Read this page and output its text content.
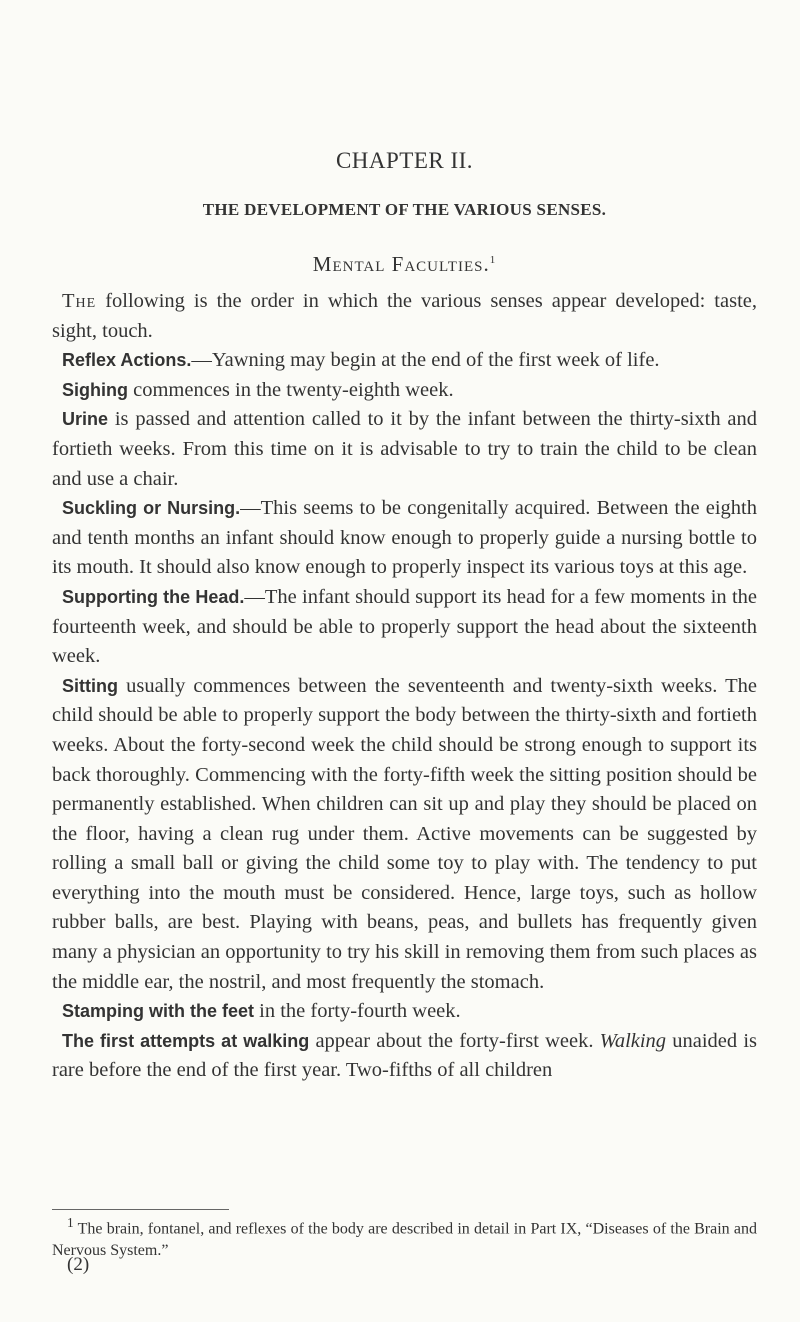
CHAPTER II.
THE DEVELOPMENT OF THE VARIOUS SENSES.
Mental Faculties.$^1$

The following is the order in which the various senses appear developed: taste, sight, touch.

Reflex Actions.—Yawning may begin at the end of the first week of life.

Sighing commences in the twenty-eighth week.

Urine is passed and attention called to it by the infant between the thirty-sixth and fortieth weeks. From this time on it is advisable to try to train the child to be clean and use a chair.

Suckling or Nursing.—This seems to be congenitally acquired. Between the eighth and tenth months an infant should know enough to properly guide a nursing bottle to its mouth. It should also know enough to properly inspect its various toys at this age.

Supporting the Head.—The infant should support its head for a few moments in the fourteenth week, and should be able to properly support the head about the sixteenth week.

Sitting usually commences between the seventeenth and twenty-sixth weeks. The child should be able to properly support the body between the thirty-sixth and fortieth weeks. About the forty-second week the child should be strong enough to support its back thoroughly. Commencing with the forty-fifth week the sitting position should be permanently established. When children can sit up and play they should be placed on the floor, having a clean rug under them. Active movements can be suggested by rolling a small ball or giving the child some toy to play with. The tendency to put everything into the mouth must be considered. Hence, large toys, such as hollow rubber balls, are best. Playing with beans, peas, and bullets has frequently given many a physician an opportunity to try his skill in removing them from such places as the middle ear, the nostril, and most frequently the stomach.

Stamping with the feet in the forty-fourth week.

The first attempts at walking appear about the forty-first week. Walking unaided is rare before the end of the first year. Two-fifths of all children

$^1$ The brain, fontanel, and reflexes of the body are described in detail in Part IX, “Diseases of the Brain and Nervous System.”

(2)
